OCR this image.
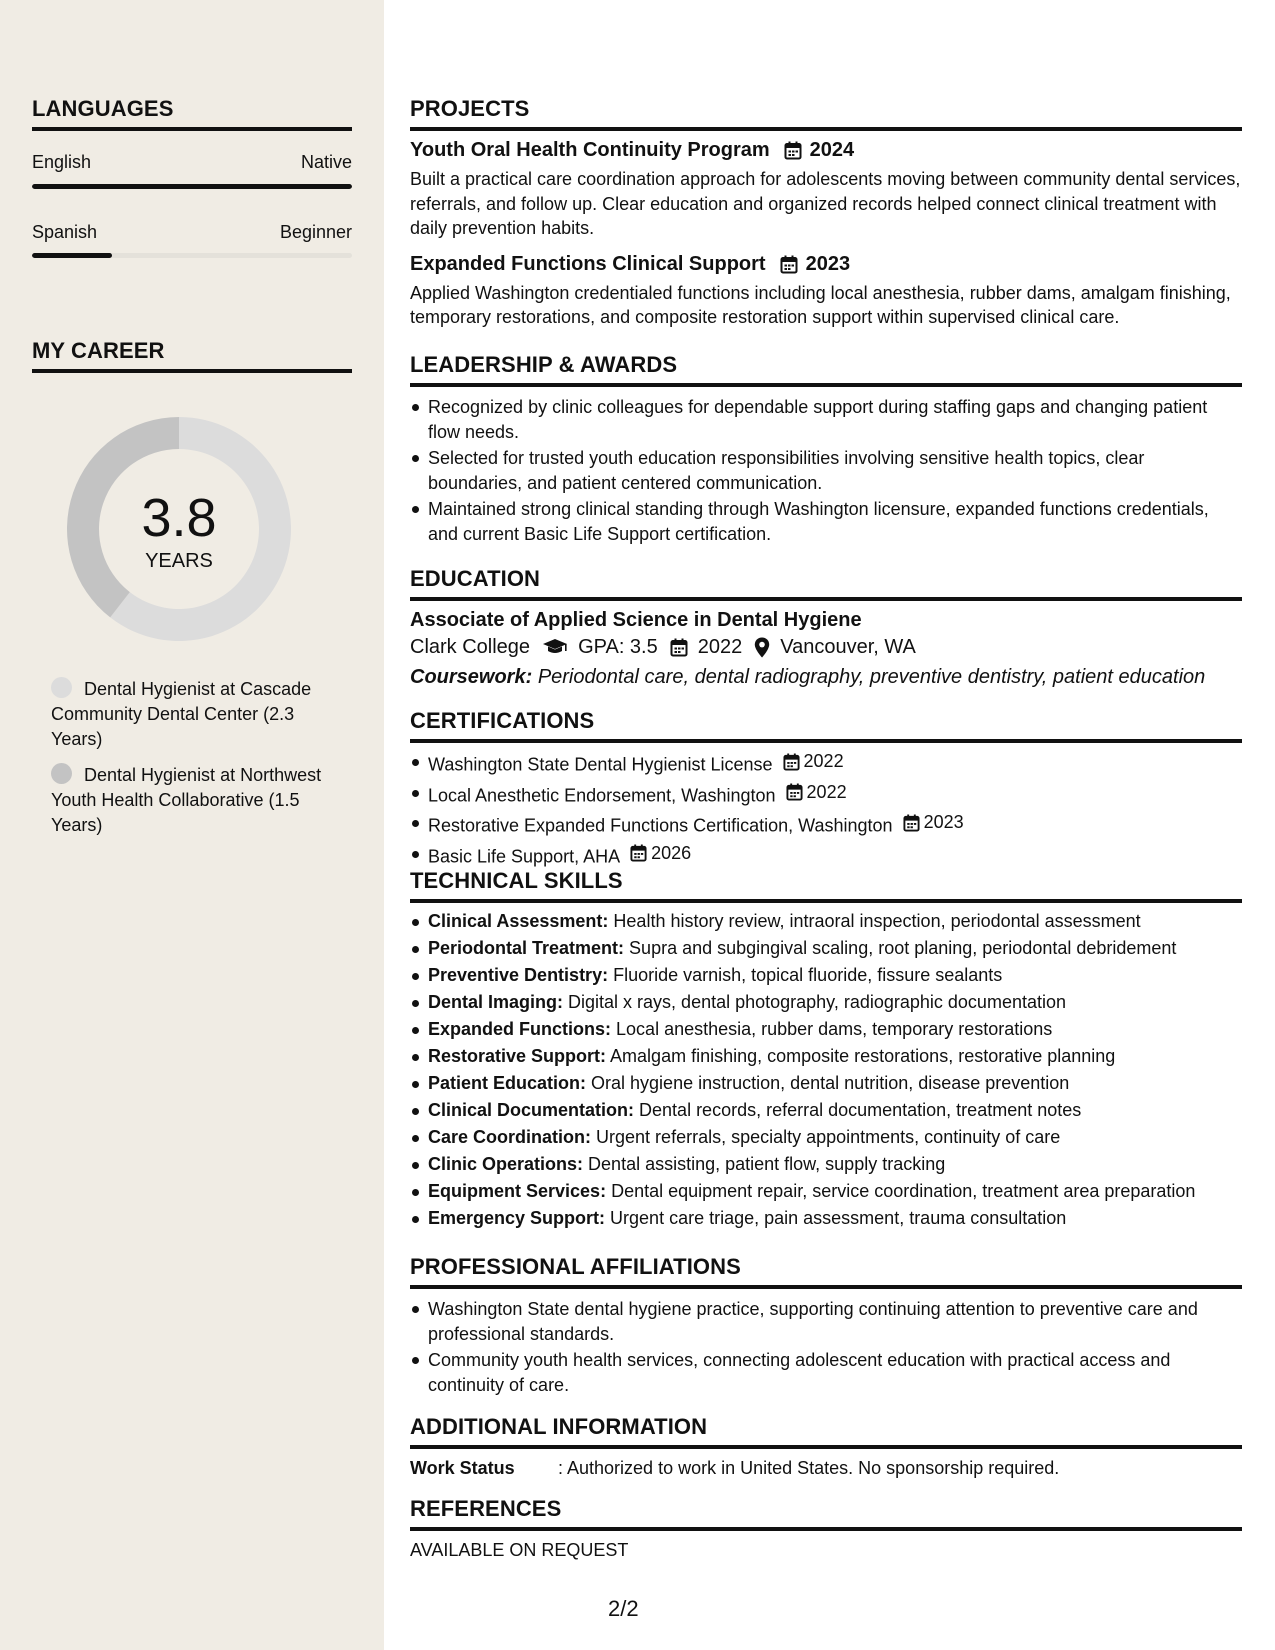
LANGUAGES
English	Native
Spanish	Beginner
MY CAREER
3.8
YEARS
Dental Hygienist at Cascade Community Dental Center (2.3 Years)
Dental Hygienist at Northwest Youth Health Collaborative (1.5 Years)
PROJECTS
Youth Oral Health Continuity Program 2024
Built a practical care coordination approach for adolescents moving between community dental services, referrals, and follow up. Clear education and organized records helped connect clinical treatment with daily prevention habits.
Expanded Functions Clinical Support 2023
Applied Washington credentialed functions including local anesthesia, rubber dams, amalgam finishing, temporary restorations, and composite restoration support within supervised clinical care.
LEADERSHIP & AWARDS
Recognized by clinic colleagues for dependable support during staffing gaps and changing patient flow needs.
Selected for trusted youth education responsibilities involving sensitive health topics, clear boundaries, and patient centered communication.
Maintained strong clinical standing through Washington licensure, expanded functions credentials, and current Basic Life Support certification.
EDUCATION
Associate of Applied Science in Dental Hygiene
Clark College GPA: 3.5 2022 Vancouver, WA
Coursework: Periodontal care, dental radiography, preventive dentistry, patient education
CERTIFICATIONS
Washington State Dental Hygienist License 2022
Local Anesthetic Endorsement, Washington 2022
Restorative Expanded Functions Certification, Washington 2023
Basic Life Support, AHA 2026
TECHNICAL SKILLS
Clinical Assessment: Health history review, intraoral inspection, periodontal assessment
Periodontal Treatment: Supra and subgingival scaling, root planing, periodontal debridement
Preventive Dentistry: Fluoride varnish, topical fluoride, fissure sealants
Dental Imaging: Digital x rays, dental photography, radiographic documentation
Expanded Functions: Local anesthesia, rubber dams, temporary restorations
Restorative Support: Amalgam finishing, composite restorations, restorative planning
Patient Education: Oral hygiene instruction, dental nutrition, disease prevention
Clinical Documentation: Dental records, referral documentation, treatment notes
Care Coordination: Urgent referrals, specialty appointments, continuity of care
Clinic Operations: Dental assisting, patient flow, supply tracking
Equipment Services: Dental equipment repair, service coordination, treatment area preparation
Emergency Support: Urgent care triage, pain assessment, trauma consultation
PROFESSIONAL AFFILIATIONS
Washington State dental hygiene practice, supporting continuing attention to preventive care and professional standards.
Community youth health services, connecting adolescent education with practical access and continuity of care.
ADDITIONAL INFORMATION
Work Status	: Authorized to work in United States. No sponsorship required.
REFERENCES
AVAILABLE ON REQUEST
2/2
